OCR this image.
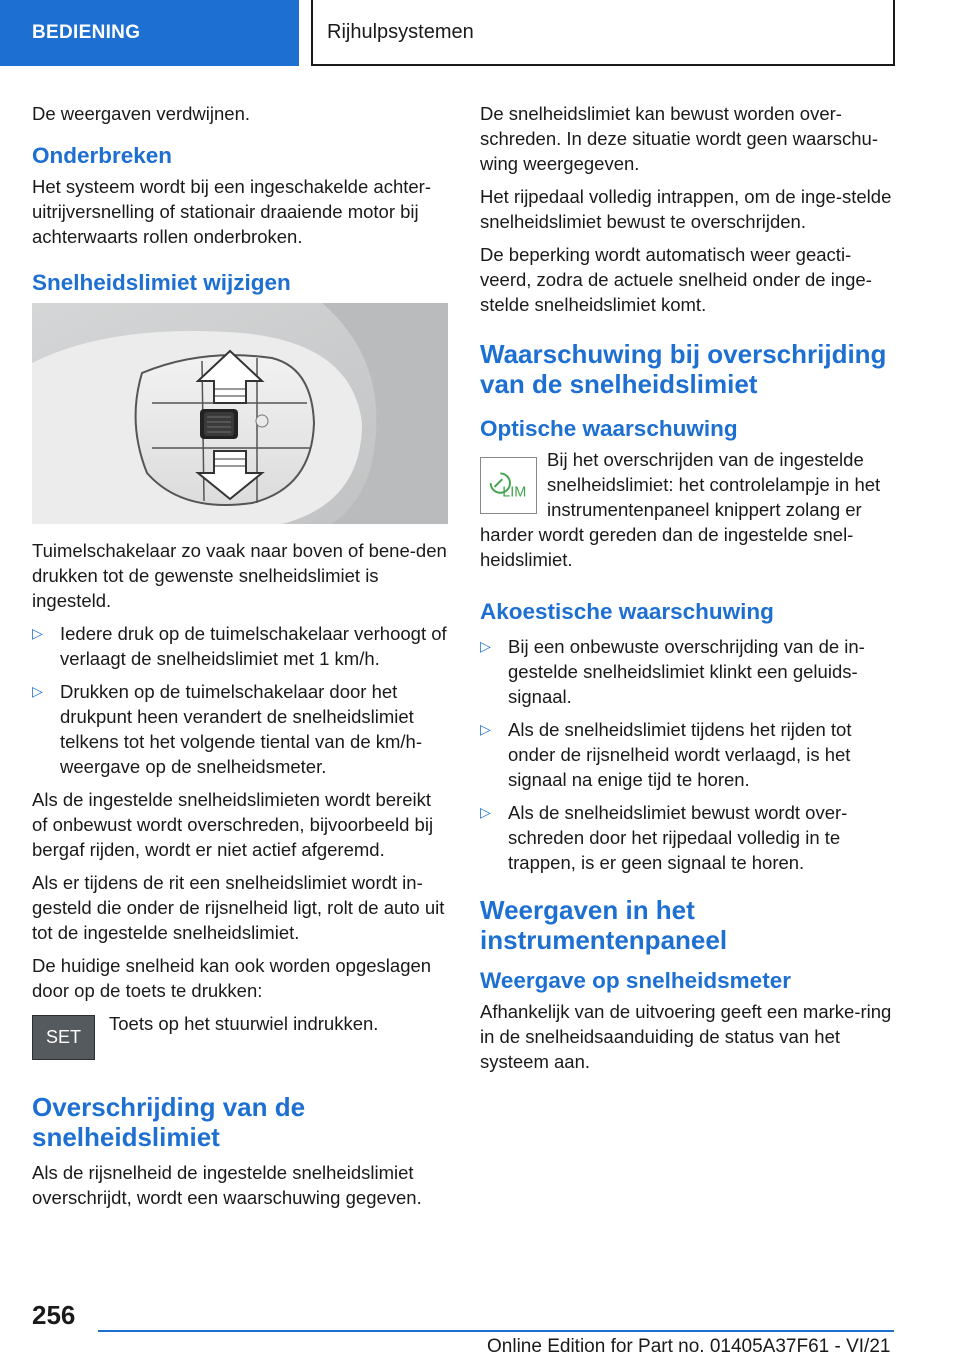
BEDIENING	Rijhulpsystemen

De weergaven verdwijnen.

Onderbreken

Het systeem wordt bij een ingeschakelde achter-uitrijversnelling of stationair draaiende motor bij achterwaarts rollen onderbroken.

Snelheidslimiet wijzigen

Tuimelschakelaar zo vaak naar boven of bene-den drukken tot de gewenste snelheidslimiet is ingesteld.

▷ Iedere druk op de tuimelschakelaar verhoogt of verlaagt de snelheidslimiet met 1 km/h.
▷ Drukken op de tuimelschakelaar door het drukpunt heen verandert de snelheidslimiet telkens tot het volgende tiental van de km/h-weergave op de snelheidsmeter.

Als de ingestelde snelheidslimieten wordt bereikt of onbewust wordt overschreden, bijvoorbeeld bij bergaf rijden, wordt er niet actief afgeremd.

Als er tijdens de rit een snelheidslimiet wordt in-gesteld die onder de rijsnelheid ligt, rolt de auto uit tot de ingestelde snelheidslimiet.

De huidige snelheid kan ook worden opgeslagen door op de toets te drukken:

SET

Toets op het stuurwiel indrukken.

Overschrijding van de snelheidslimiet

Als de rijsnelheid de ingestelde snelheidslimiet overschrijdt, wordt een waarschuwing gegeven.

De snelheidslimiet kan bewust worden over-schreden. In deze situatie wordt geen waarschu-wing weergegeven.

Het rijpedaal volledig intrappen, om de inge-stelde snelheidslimiet bewust te overschrijden.

De beperking wordt automatisch weer geacti-veerd, zodra de actuele snelheid onder de inge-stelde snelheidslimiet komt.

Waarschuwing bij overschrijding van de snelheidslimiet
Optische waarschuwing
LIM

Bij het overschrijden van de ingestelde snelheidslimiet: het controlelampje in het instrumentenpaneel knippert zolang er harder wordt gereden dan de ingestelde snel-heidslimiet.

Akoestische waarschuwing
▷ Bij een onbewuste overschrijding van de in-gestelde snelheidslimiet klinkt een geluids-signaal.
▷ Als de snelheidslimiet tijdens het rijden tot onder de rijsnelheid wordt verlaagd, is het signaal na enige tijd te horen.
▷ Als de snelheidslimiet bewust wordt over-schreden door het rijpedaal volledig in te trappen, is er geen signaal te horen.
Weergaven in het instrumentenpaneel
Weergave op snelheidsmeter

Afhankelijk van de uitvoering geeft een marke-ring in de snelheidsaanduiding de status van het systeem aan.

256
Online Edition for Part no. 01405A37F61 - VI/21
